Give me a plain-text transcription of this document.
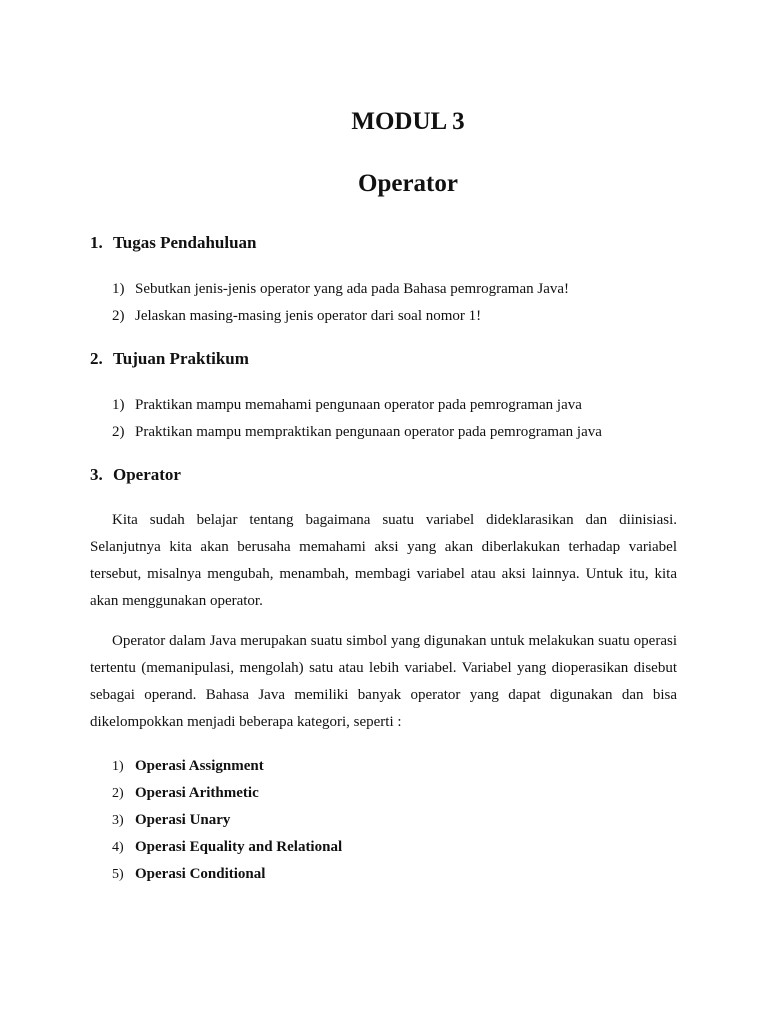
MODUL 3
Operator
1. Tugas Pendahuluan
1) Sebutkan jenis-jenis operator yang ada pada Bahasa pemrograman Java!
2) Jelaskan masing-masing jenis operator dari soal nomor 1!
2. Tujuan Praktikum
1) Praktikan mampu memahami pengunaan operator pada pemrograman java
2) Praktikan mampu mempraktikan pengunaan operator pada pemrograman java
3. Operator

Kita sudah belajar tentang bagaimana suatu variabel dideklarasikan dan diinisiasi. Selanjutnya kita akan berusaha memahami aksi yang akan diberlakukan terhadap variabel tersebut, misalnya mengubah, menambah, membagi variabel atau aksi lainnya. Untuk itu, kita akan menggunakan operator.

Operator dalam Java merupakan suatu simbol yang digunakan untuk melakukan suatu operasi tertentu (memanipulasi, mengolah) satu atau lebih variabel. Variabel yang dioperasikan disebut sebagai operand. Bahasa Java memiliki banyak operator yang dapat digunakan dan bisa dikelompokkan menjadi beberapa kategori, seperti :

1) Operasi Assignment
2) Operasi Arithmetic
3) Operasi Unary
4) Operasi Equality and Relational
5) Operasi Conditional
